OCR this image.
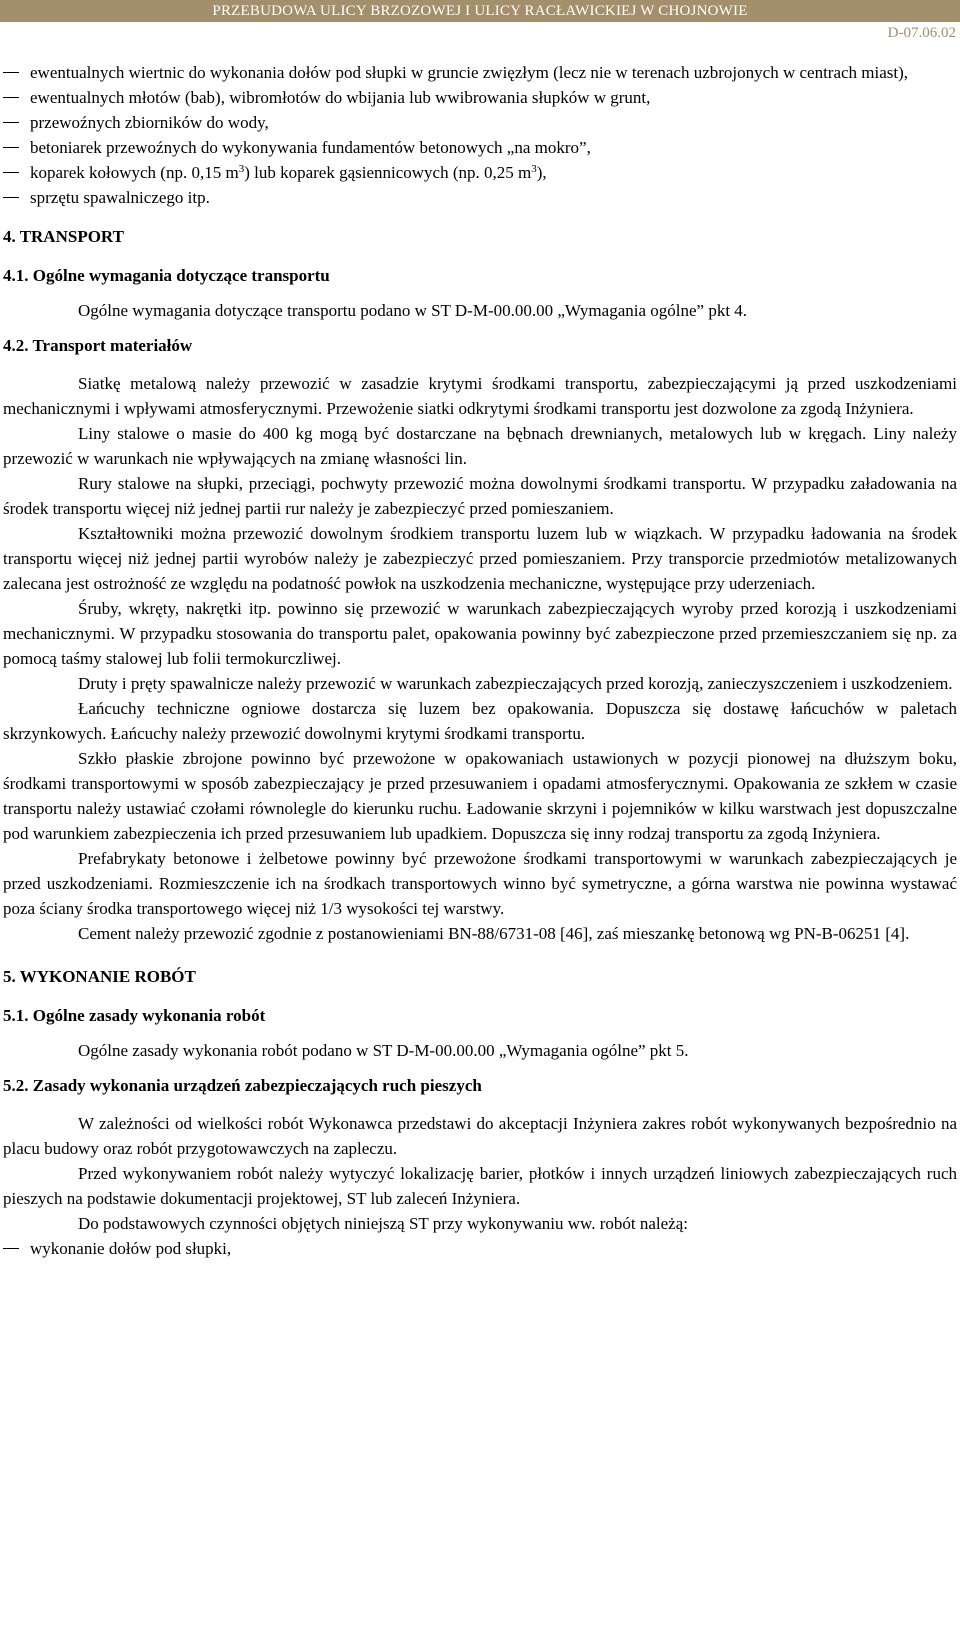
PRZEBUDOWA ULICY BRZOZOWEJ I ULICY RACŁAWICKIEJ W CHOJNOWIE
D-07.06.02
ewentualnych wiertnic do wykonania dołów pod słupki w gruncie zwięzłym (lecz nie w terenach uzbrojonych w centrach miast),
ewentualnych młotów (bab), wibromłotów do wbijania lub wwibrowania słupków w grunt,
przewoźnych zbiorników do wody,
betoniarek przewoźnych do wykonywania fundamentów betonowych „na mokro”,
koparek kołowych (np. 0,15 $m^3$) lub koparek gąsiennicowych (np. 0,25 $m^3$),
sprzętu spawalniczego itp.
4. TRANSPORT
4.1. Ogólne wymagania dotyczące transportu

Ogólne wymagania dotyczące transportu podano w ST D-M-00.00.00 „Wymagania ogólne” pkt 4.

4.2. Transport materiałów

Siatkę metalową należy przewozić w zasadzie krytymi środkami transportu, zabezpieczającymi ją przed uszkodzeniami mechanicznymi i wpływami atmosferycznymi. Przewożenie siatki odkrytymi środkami transportu jest dozwolone za zgodą Inżyniera.

Liny stalowe o masie do 400 kg mogą być dostarczane na bębnach drewnianych, metalowych lub w kręgach. Liny należy przewozić w warunkach nie wpływających na zmianę własności lin.

Rury stalowe na słupki, przeciągi, pochwyty przewozić można dowolnymi środkami transportu. W przypadku załadowania na środek transportu więcej niż jednej partii rur należy je zabezpieczyć przed pomieszaniem.

Kształtowniki można przewozić dowolnym środkiem transportu luzem lub w wiązkach. W przypadku ładowania na środek transportu więcej niż jednej partii wyrobów należy je zabezpieczyć przed pomieszaniem. Przy transporcie przedmiotów metalizowanych zalecana jest ostrożność ze względu na podatność powłok na uszkodzenia mechaniczne, występujące przy uderzeniach.

Śruby, wkręty, nakrętki itp. powinno się przewozić w warunkach zabezpieczających wyroby przed korozją i uszkodzeniami mechanicznymi. W przypadku stosowania do transportu palet, opakowania powinny być zabezpieczone przed przemieszczaniem się np. za pomocą taśmy stalowej lub folii termokurczliwej.

Druty i pręty spawalnicze należy przewozić w warunkach zabezpieczających przed korozją, zanieczyszczeniem i uszkodzeniem.

Łańcuchy techniczne ogniowe dostarcza się luzem bez opakowania. Dopuszcza się dostawę łańcuchów w paletach skrzynkowych. Łańcuchy należy przewozić dowolnymi krytymi środkami transportu.

Szkło płaskie zbrojone powinno być przewożone w opakowaniach ustawionych w pozycji pionowej na dłuższym boku, środkami transportowymi w sposób zabezpieczający je przed przesuwaniem i opadami atmosferycznymi. Opakowania ze szkłem w czasie transportu należy ustawiać czołami równolegle do kierunku ruchu. Ładowanie skrzyni i pojemników w kilku warstwach jest dopuszczalne pod warunkiem zabezpieczenia ich przed przesuwaniem lub upadkiem. Dopuszcza się inny rodzaj transportu za zgodą Inżyniera.

Prefabrykaty betonowe i żelbetowe powinny być przewożone środkami transportowymi w warunkach zabezpieczających je przed uszkodzeniami. Rozmieszczenie ich na środkach transportowych winno być symetryczne, a górna warstwa nie powinna wystawać poza ściany środka transportowego więcej niż 1/3 wysokości tej warstwy.

Cement należy przewozić zgodnie z postanowieniami BN-88/6731-08 [46], zaś mieszankę betonową wg PN-B-06251 [4].

5. WYKONANIE ROBÓT
5.1. Ogólne zasady wykonania robót

Ogólne zasady wykonania robót podano w ST D-M-00.00.00 „Wymagania ogólne” pkt 5.

5.2. Zasady wykonania urządzeń zabezpieczających ruch pieszych

W zależności od wielkości robót Wykonawca przedstawi do akceptacji Inżyniera zakres robót wykonywanych bezpośrednio na placu budowy oraz robót przygotowawczych na zapleczu.

Przed wykonywaniem robót należy wytyczyć lokalizację barier, płotków i innych urządzeń liniowych zabezpieczających ruch pieszych na podstawie dokumentacji projektowej, ST lub zaleceń Inżyniera.

Do podstawowych czynności objętych niniejszą ST przy wykonywaniu ww. robót należą:

wykonanie dołów pod słupki,
